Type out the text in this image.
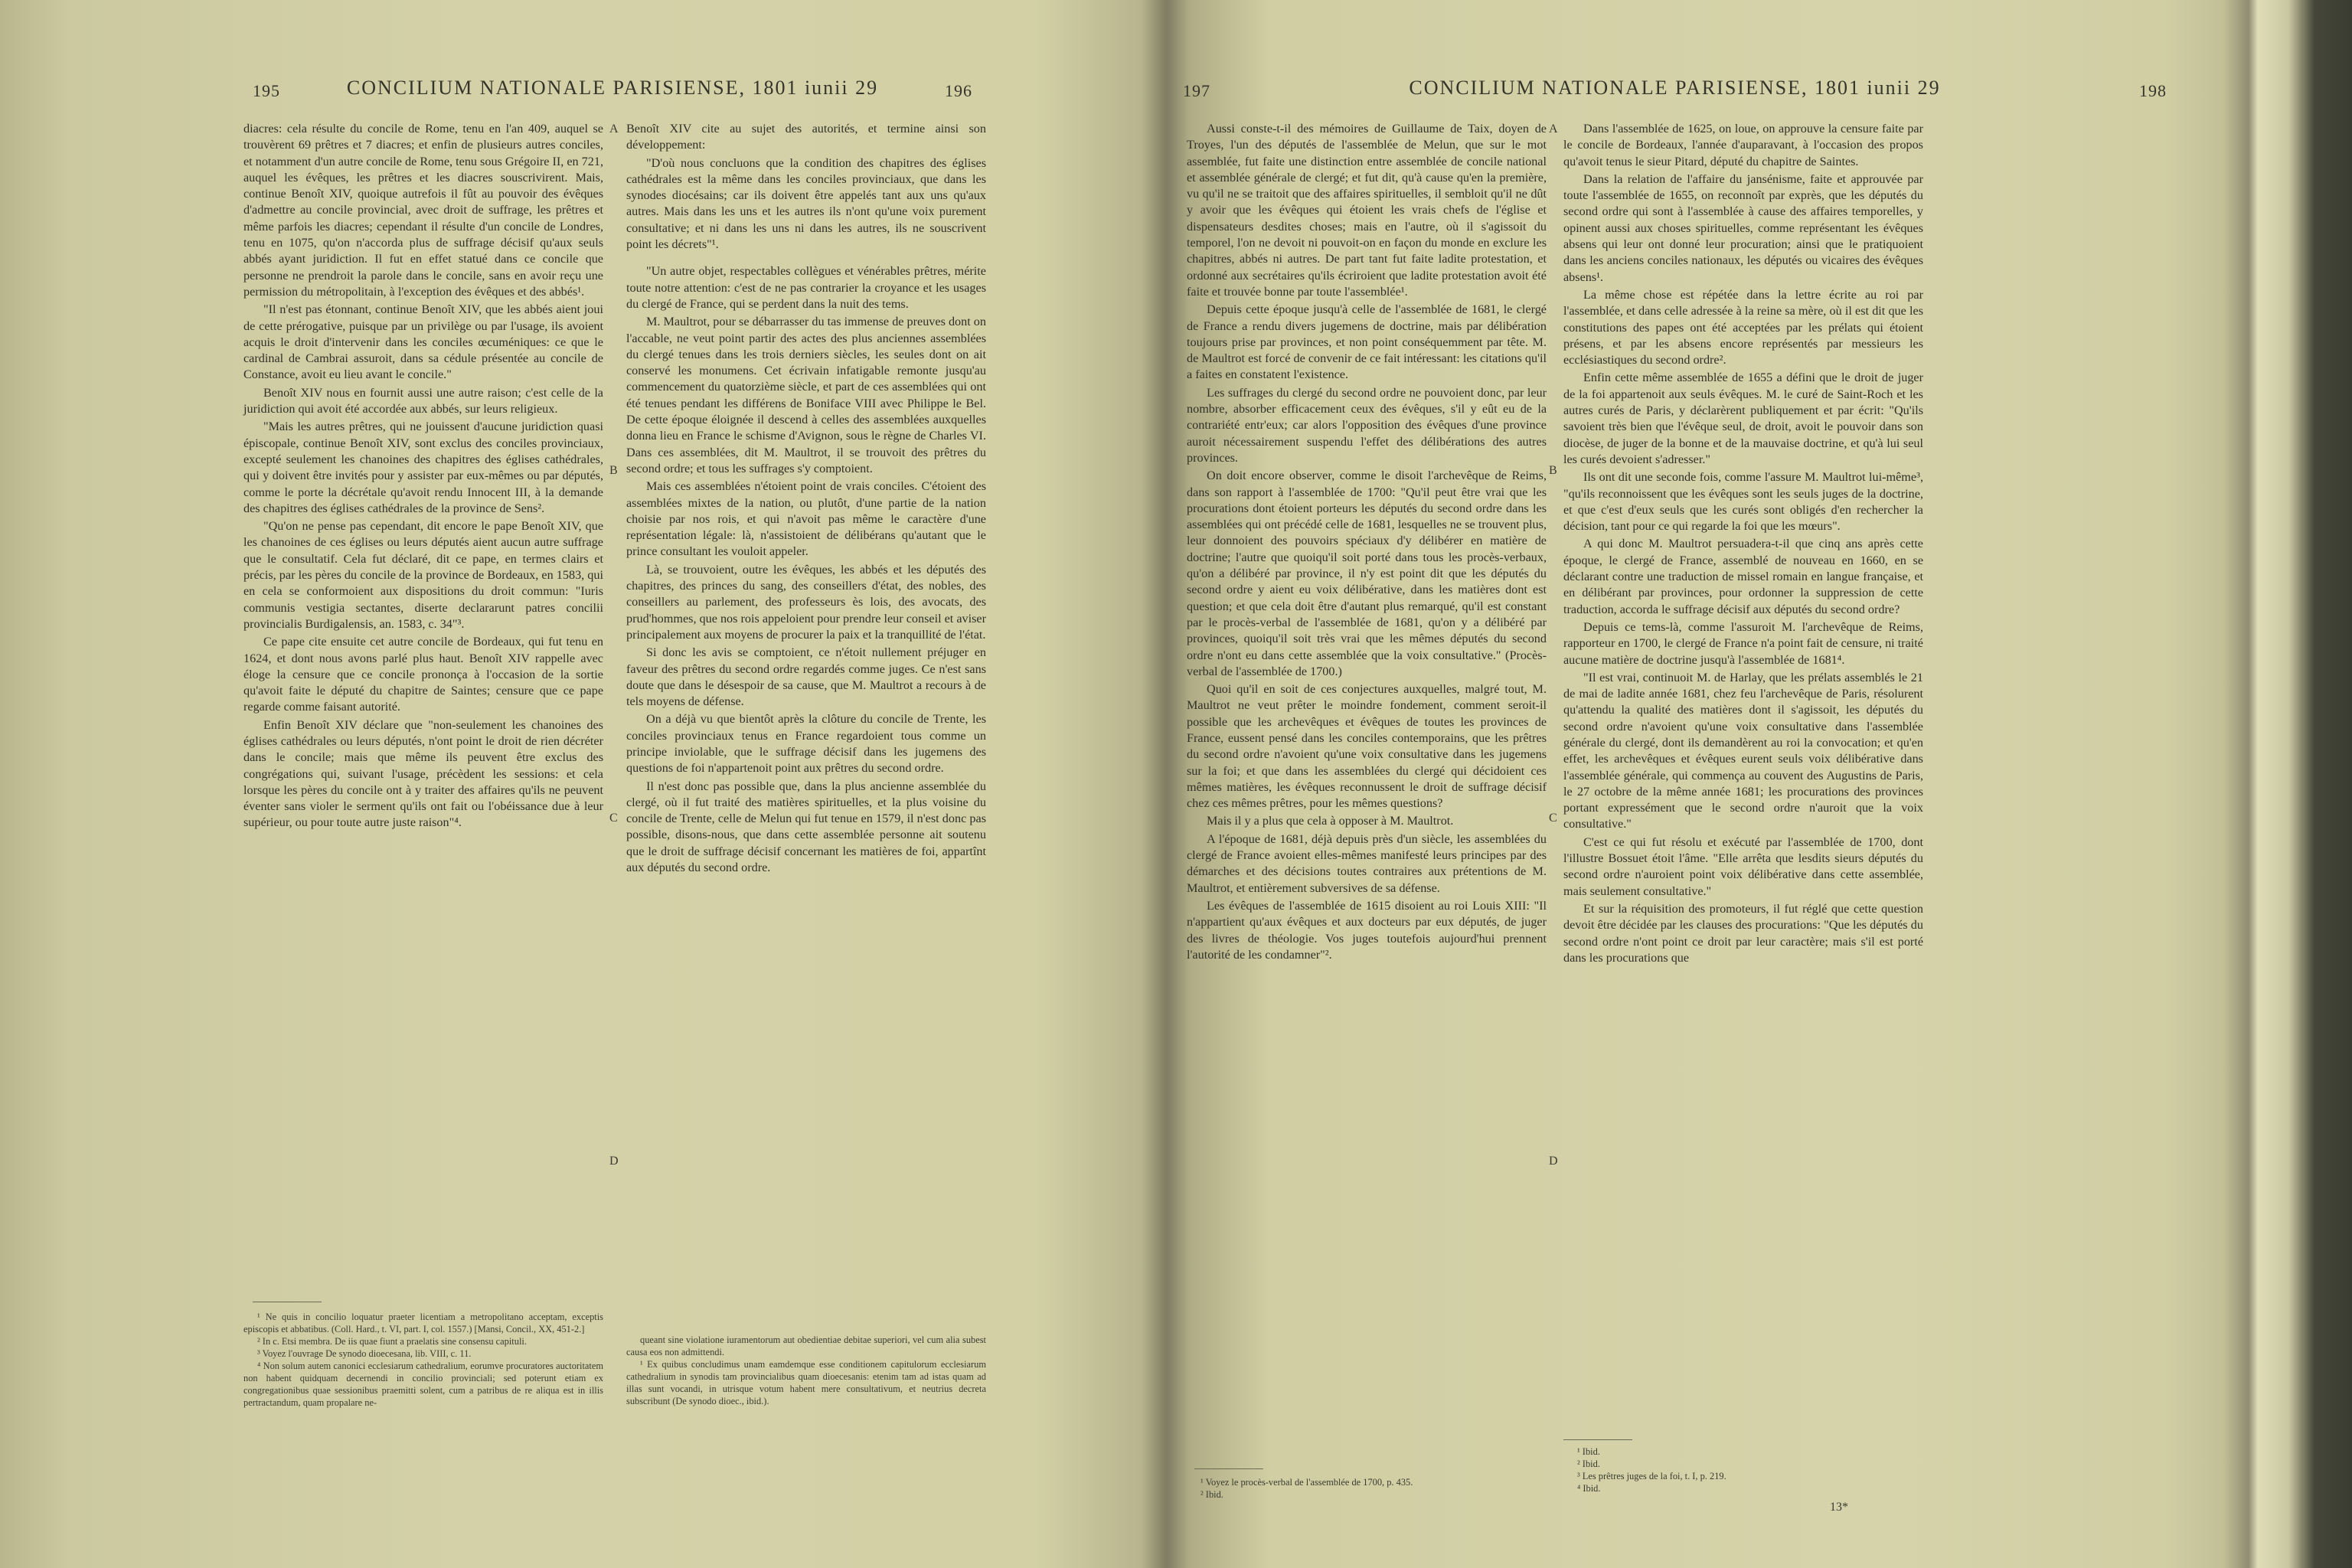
195	CONCILIUM NATIONALE PARISIENSE, 1801 iunii 29	196

diacres: cela résulte du concile de Rome, tenu en l'an 409, auquel se trouvèrent 69 prêtres et 7 diacres; et enfin de plusieurs autres conciles, et notamment d'un autre concile de Rome, tenu sous Grégoire II, en 721, auquel les évêques, les prêtres et les diacres souscrivirent. Mais, continue Benoît XIV, quoique autrefois il fût au pouvoir des évêques d'admettre au concile provincial, avec droit de suffrage, les prêtres et même parfois les diacres; cependant il résulte d'un concile de Londres, tenu en 1075, qu'on n'accorda plus de suffrage décisif qu'aux seuls abbés ayant juridiction. Il fut en effet statué dans ce concile que personne ne prendroit la parole dans le concile, sans en avoir reçu une permission du métropolitain, à l'exception des évêques et des abbés¹.

"Il n'est pas étonnant, continue Benoît XIV, que les abbés aient joui de cette prérogative, puisque par un privilège ou par l'usage, ils avoient acquis le droit d'intervenir dans les conciles œcuméniques: ce que le cardinal de Cambrai assuroit, dans sa cédule présentée au concile de Constance, avoit eu lieu avant le concile."

Benoît XIV nous en fournit aussi une autre raison; c'est celle de la juridiction qui avoit été accordée aux abbés, sur leurs religieux.

"Mais les autres prêtres, qui ne jouissent d'aucune juridiction quasi épiscopale, continue Benoît XIV, sont exclus des conciles provinciaux, excepté seulement les chanoines des chapitres des églises cathédrales, qui y doivent être invités pour y assister par eux-mêmes ou par députés, comme le porte la décrétale qu'avoit rendu Innocent III, à la demande des chapitres des églises cathédrales de la province de Sens².

"Qu'on ne pense pas cependant, dit encore le pape Benoît XIV, que les chanoines de ces églises ou leurs députés aient aucun autre suffrage que le consultatif. Cela fut déclaré, dit ce pape, en termes clairs et précis, par les pères du concile de la province de Bordeaux, en 1583, qui en cela se conformoient aux dispositions du droit commun: "Iuris communis vestigia sectantes, diserte declararunt patres concilii provincialis Burdigalensis, an. 1583, c. 34"³.

Ce pape cite ensuite cet autre concile de Bordeaux, qui fut tenu en 1624, et dont nous avons parlé plus haut. Benoît XIV rappelle avec éloge la censure que ce concile prononça à l'occasion de la sortie qu'avoit faite le député du chapitre de Saintes; censure que ce pape regarde comme faisant autorité.

Enfin Benoît XIV déclare que "non-seulement les chanoines des églises cathédrales ou leurs députés, n'ont point le droit de rien décréter dans le concile; mais que même ils peuvent être exclus des congrégations qui, suivant l'usage, précèdent les sessions: et cela lorsque les pères du concile ont à y traiter des affaires qu'ils ne peuvent éventer sans violer le serment qu'ils ont fait ou l'obéissance due à leur supérieur, ou pour toute autre juste raison"⁴.

Benoît XIV cite au sujet des autorités, et termine ainsi son développement:

"D'où nous concluons que la condition des chapitres des églises cathédrales est la même dans les conciles provinciaux, que dans les synodes diocésains; car ils doivent être appelés tant aux uns qu'aux autres. Mais dans les uns et les autres ils n'ont qu'une voix purement consultative; et ni dans les uns ni dans les autres, ils ne souscrivent point les décrets"¹.

"Un autre objet, respectables collègues et vénérables prêtres, mérite toute notre attention: c'est de ne pas contrarier la croyance et les usages du clergé de France, qui se perdent dans la nuit des tems.

M. Maultrot, pour se débarrasser du tas immense de preuves dont on l'accable, ne veut point partir des actes des plus anciennes assemblées du clergé tenues dans les trois derniers siècles, les seules dont on ait conservé les monumens. Cet écrivain infatigable remonte jusqu'au commencement du quatorzième siècle, et part de ces assemblées qui ont été tenues pendant les différens de Boniface VIII avec Philippe le Bel. De cette époque éloignée il descend à celles des assemblées auxquelles donna lieu en France le schisme d'Avignon, sous le règne de Charles VI. Dans ces assemblées, dit M. Maultrot, il se trouvoit des prêtres du second ordre; et tous les suffrages s'y comptoient.

Mais ces assemblées n'étoient point de vrais conciles. C'étoient des assemblées mixtes de la nation, ou plutôt, d'une partie de la nation choisie par nos rois, et qui n'avoit pas même le caractère d'une représentation légale: là, n'assistoient de délibérans qu'autant que le prince consultant les vouloit appeler.

Là, se trouvoient, outre les évêques, les abbés et les députés des chapitres, des princes du sang, des conseillers d'état, des nobles, des conseillers au parlement, des professeurs ès lois, des avocats, des prud'hommes, que nos rois appeloient pour prendre leur conseil et aviser principalement aux moyens de procurer la paix et la tranquillité de l'état.

Si donc les avis se comptoient, ce n'étoit nullement préjuger en faveur des prêtres du second ordre regardés comme juges. Ce n'est sans doute que dans le désespoir de sa cause, que M. Maultrot a recours à de tels moyens de défense.

On a déjà vu que bientôt après la clôture du concile de Trente, les conciles provinciaux tenus en France regardoient tous comme un principe inviolable, que le suffrage décisif dans les jugemens des questions de foi n'appartenoit point aux prêtres du second ordre.

Il n'est donc pas possible que, dans la plus ancienne assemblée du clergé, où il fut traité des matières spirituelles, et la plus voisine du concile de Trente, celle de Melun qui fut tenue en 1579, il n'est donc pas possible, disons-nous, que dans cette assemblée personne ait soutenu que le droit de suffrage décisif concernant les matières de foi, appartînt aux députés du second ordre.

A
B
C
D

¹ Ne quis in concilio loquatur praeter licentiam a metropolitano acceptam, exceptis episcopis et abbatibus. (Coll. Hard., t. VI, part. I, col. 1557.) [Mansi, Concil., XX, 451-2.]

² In c. Etsi membra. De iis quae fiunt a praelatis sine consensu capituli.

³ Voyez l'ouvrage De synodo dioecesana, lib. VIII, c. 11.

⁴ Non solum autem canonici ecclesiarum cathedralium, eorumve procuratores auctoritatem non habent quidquam decernendi in concilio provinciali; sed poterunt etiam ex congregationibus quae sessionibus praemitti solent, cum a patribus de re aliqua est in illis pertractandum, quam propalare ne-

queant sine violatione iuramentorum aut obedientiae debitae superiori, vel cum alia subest causa eos non admittendi.

¹ Ex quibus concludimus unam eamdemque esse conditionem capitulorum ecclesiarum cathedralium in synodis tam provincialibus quam dioecesanis: etenim tam ad istas quam ad illas sunt vocandi, in utrisque votum habent mere consultativum, et neutrius decreta subscribunt (De synodo dioec., ibid.).

197	CONCILIUM NATIONALE PARISIENSE, 1801 iunii 29	198

Aussi conste-t-il des mémoires de Guillaume de Taix, doyen de Troyes, l'un des députés de l'assemblée de Melun, que sur le mot assemblée, fut faite une distinction entre assemblée de concile national et assemblée générale de clergé; et fut dit, qu'à cause qu'en la première, vu qu'il ne se traitoit que des affaires spirituelles, il sembloit qu'il ne dût y avoir que les évêques qui étoient les vrais chefs de l'église et dispensateurs desdites choses; mais en l'autre, où il s'agissoit du temporel, l'on ne devoit ni pouvoit-on en façon du monde en exclure les chapitres, abbés ni autres. De part tant fut faite ladite protestation, et ordonné aux secrétaires qu'ils écriroient que ladite protestation avoit été faite et trouvée bonne par toute l'assemblée¹.

Depuis cette époque jusqu'à celle de l'assemblée de 1681, le clergé de France a rendu divers jugemens de doctrine, mais par délibération toujours prise par provinces, et non point conséquemment par tête. M. de Maultrot est forcé de convenir de ce fait intéressant: les citations qu'il a faites en constatent l'existence.

Les suffrages du clergé du second ordre ne pouvoient donc, par leur nombre, absorber efficacement ceux des évêques, s'il y eût eu de la contrariété entr'eux; car alors l'opposition des évêques d'une province auroit nécessairement suspendu l'effet des délibérations des autres provinces.

On doit encore observer, comme le disoit l'archevêque de Reims, dans son rapport à l'assemblée de 1700: "Qu'il peut être vrai que les procurations dont étoient porteurs les députés du second ordre dans les assemblées qui ont précédé celle de 1681, lesquelles ne se trouvent plus, leur donnoient des pouvoirs spéciaux d'y délibérer en matière de doctrine; l'autre que quoiqu'il soit porté dans tous les procès-verbaux, qu'on a délibéré par province, il n'y est point dit que les députés du second ordre y aient eu voix délibérative, dans les matières dont est question; et que cela doit être d'autant plus remarqué, qu'il est constant par le procès-verbal de l'assemblée de 1681, qu'on y a délibéré par provinces, quoiqu'il soit très vrai que les mêmes députés du second ordre n'ont eu dans cette assemblée que la voix consultative." (Procès-verbal de l'assemblée de 1700.)

Quoi qu'il en soit de ces conjectures auxquelles, malgré tout, M. Maultrot ne veut prêter le moindre fondement, comment seroit-il possible que les archevêques et évêques de toutes les provinces de France, eussent pensé dans les conciles contemporains, que les prêtres du second ordre n'avoient qu'une voix consultative dans les jugemens sur la foi; et que dans les assemblées du clergé qui décidoient ces mêmes matières, les évêques reconnussent le droit de suffrage décisif chez ces mêmes prêtres, pour les mêmes questions?

Mais il y a plus que cela à opposer à M. Maultrot.

A l'époque de 1681, déjà depuis près d'un siècle, les assemblées du clergé de France avoient elles-mêmes manifesté leurs principes par des démarches et des décisions toutes contraires aux prétentions de M. Maultrot, et entièrement subversives de sa défense.

Les évêques de l'assemblée de 1615 disoient au roi Louis XIII: "Il n'appartient qu'aux évêques et aux docteurs par eux députés, de juger des livres de théologie. Vos juges toutefois aujourd'hui prennent l'autorité de les condamner"².

Dans l'assemblée de 1625, on loue, on approuve la censure faite par le concile de Bordeaux, l'année d'auparavant, à l'occasion des propos qu'avoit tenus le sieur Pitard, député du chapitre de Saintes.

Dans la relation de l'affaire du jansénisme, faite et approuvée par toute l'assemblée de 1655, on reconnoît par exprès, que les députés du second ordre qui sont à l'assemblée à cause des affaires temporelles, y opinent aussi aux choses spirituelles, comme représentant les évêques absens qui leur ont donné leur procuration; ainsi que le pratiquoient dans les anciens conciles nationaux, les députés ou vicaires des évêques absens¹.

La même chose est répétée dans la lettre écrite au roi par l'assemblée, et dans celle adressée à la reine sa mère, où il est dit que les constitutions des papes ont été acceptées par les prélats qui étoient présens, et par les absens encore représentés par messieurs les ecclésiastiques du second ordre².

Enfin cette même assemblée de 1655 a défini que le droit de juger de la foi appartenoit aux seuls évêques. M. le curé de Saint-Roch et les autres curés de Paris, y déclarèrent publiquement et par écrit: "Qu'ils savoient très bien que l'évêque seul, de droit, avoit le pouvoir dans son diocèse, de juger de la bonne et de la mauvaise doctrine, et qu'à lui seul les curés devoient s'adresser."

Ils ont dit une seconde fois, comme l'assure M. Maultrot lui-même³, "qu'ils reconnoissent que les évêques sont les seuls juges de la doctrine, et que c'est d'eux seuls que les curés sont obligés d'en rechercher la décision, tant pour ce qui regarde la foi que les mœurs".

A qui donc M. Maultrot persuadera-t-il que cinq ans après cette époque, le clergé de France, assemblé de nouveau en 1660, en se déclarant contre une traduction de missel romain en langue française, et en délibérant par provinces, pour ordonner la suppression de cette traduction, accorda le suffrage décisif aux députés du second ordre?

Depuis ce tems-là, comme l'assuroit M. l'archevêque de Reims, rapporteur en 1700, le clergé de France n'a point fait de censure, ni traité aucune matière de doctrine jusqu'à l'assemblée de 1681⁴.

"Il est vrai, continuoit M. de Harlay, que les prélats assemblés le 21 de mai de ladite année 1681, chez feu l'archevêque de Paris, résolurent qu'attendu la qualité des matières dont il s'agissoit, les députés du second ordre n'avoient qu'une voix consultative dans l'assemblée générale du clergé, dont ils demandèrent au roi la convocation; et qu'en effet, les archevêques et évêques eurent seuls voix délibérative dans l'assemblée générale, qui commença au couvent des Augustins de Paris, le 27 octobre de la même année 1681; les procurations des provinces portant expressément que le second ordre n'auroit que la voix consultative."

C'est ce qui fut résolu et exécuté par l'assemblée de 1700, dont l'illustre Bossuet étoit l'âme. "Elle arrêta que lesdits sieurs députés du second ordre n'auroient point voix délibérative dans cette assemblée, mais seulement consultative."

Et sur la réquisition des promoteurs, il fut réglé que cette question devoit être décidée par les clauses des procurations: "Que les députés du second ordre n'ont point ce droit par leur caractère; mais s'il est porté dans les procurations que

A
B
C
D

¹ Voyez le procès-verbal de l'assemblée de 1700, p. 435.

² Ibid.

¹ Ibid.

² Ibid.

³ Les prêtres juges de la foi, t. I, p. 219.

⁴ Ibid.

13*
